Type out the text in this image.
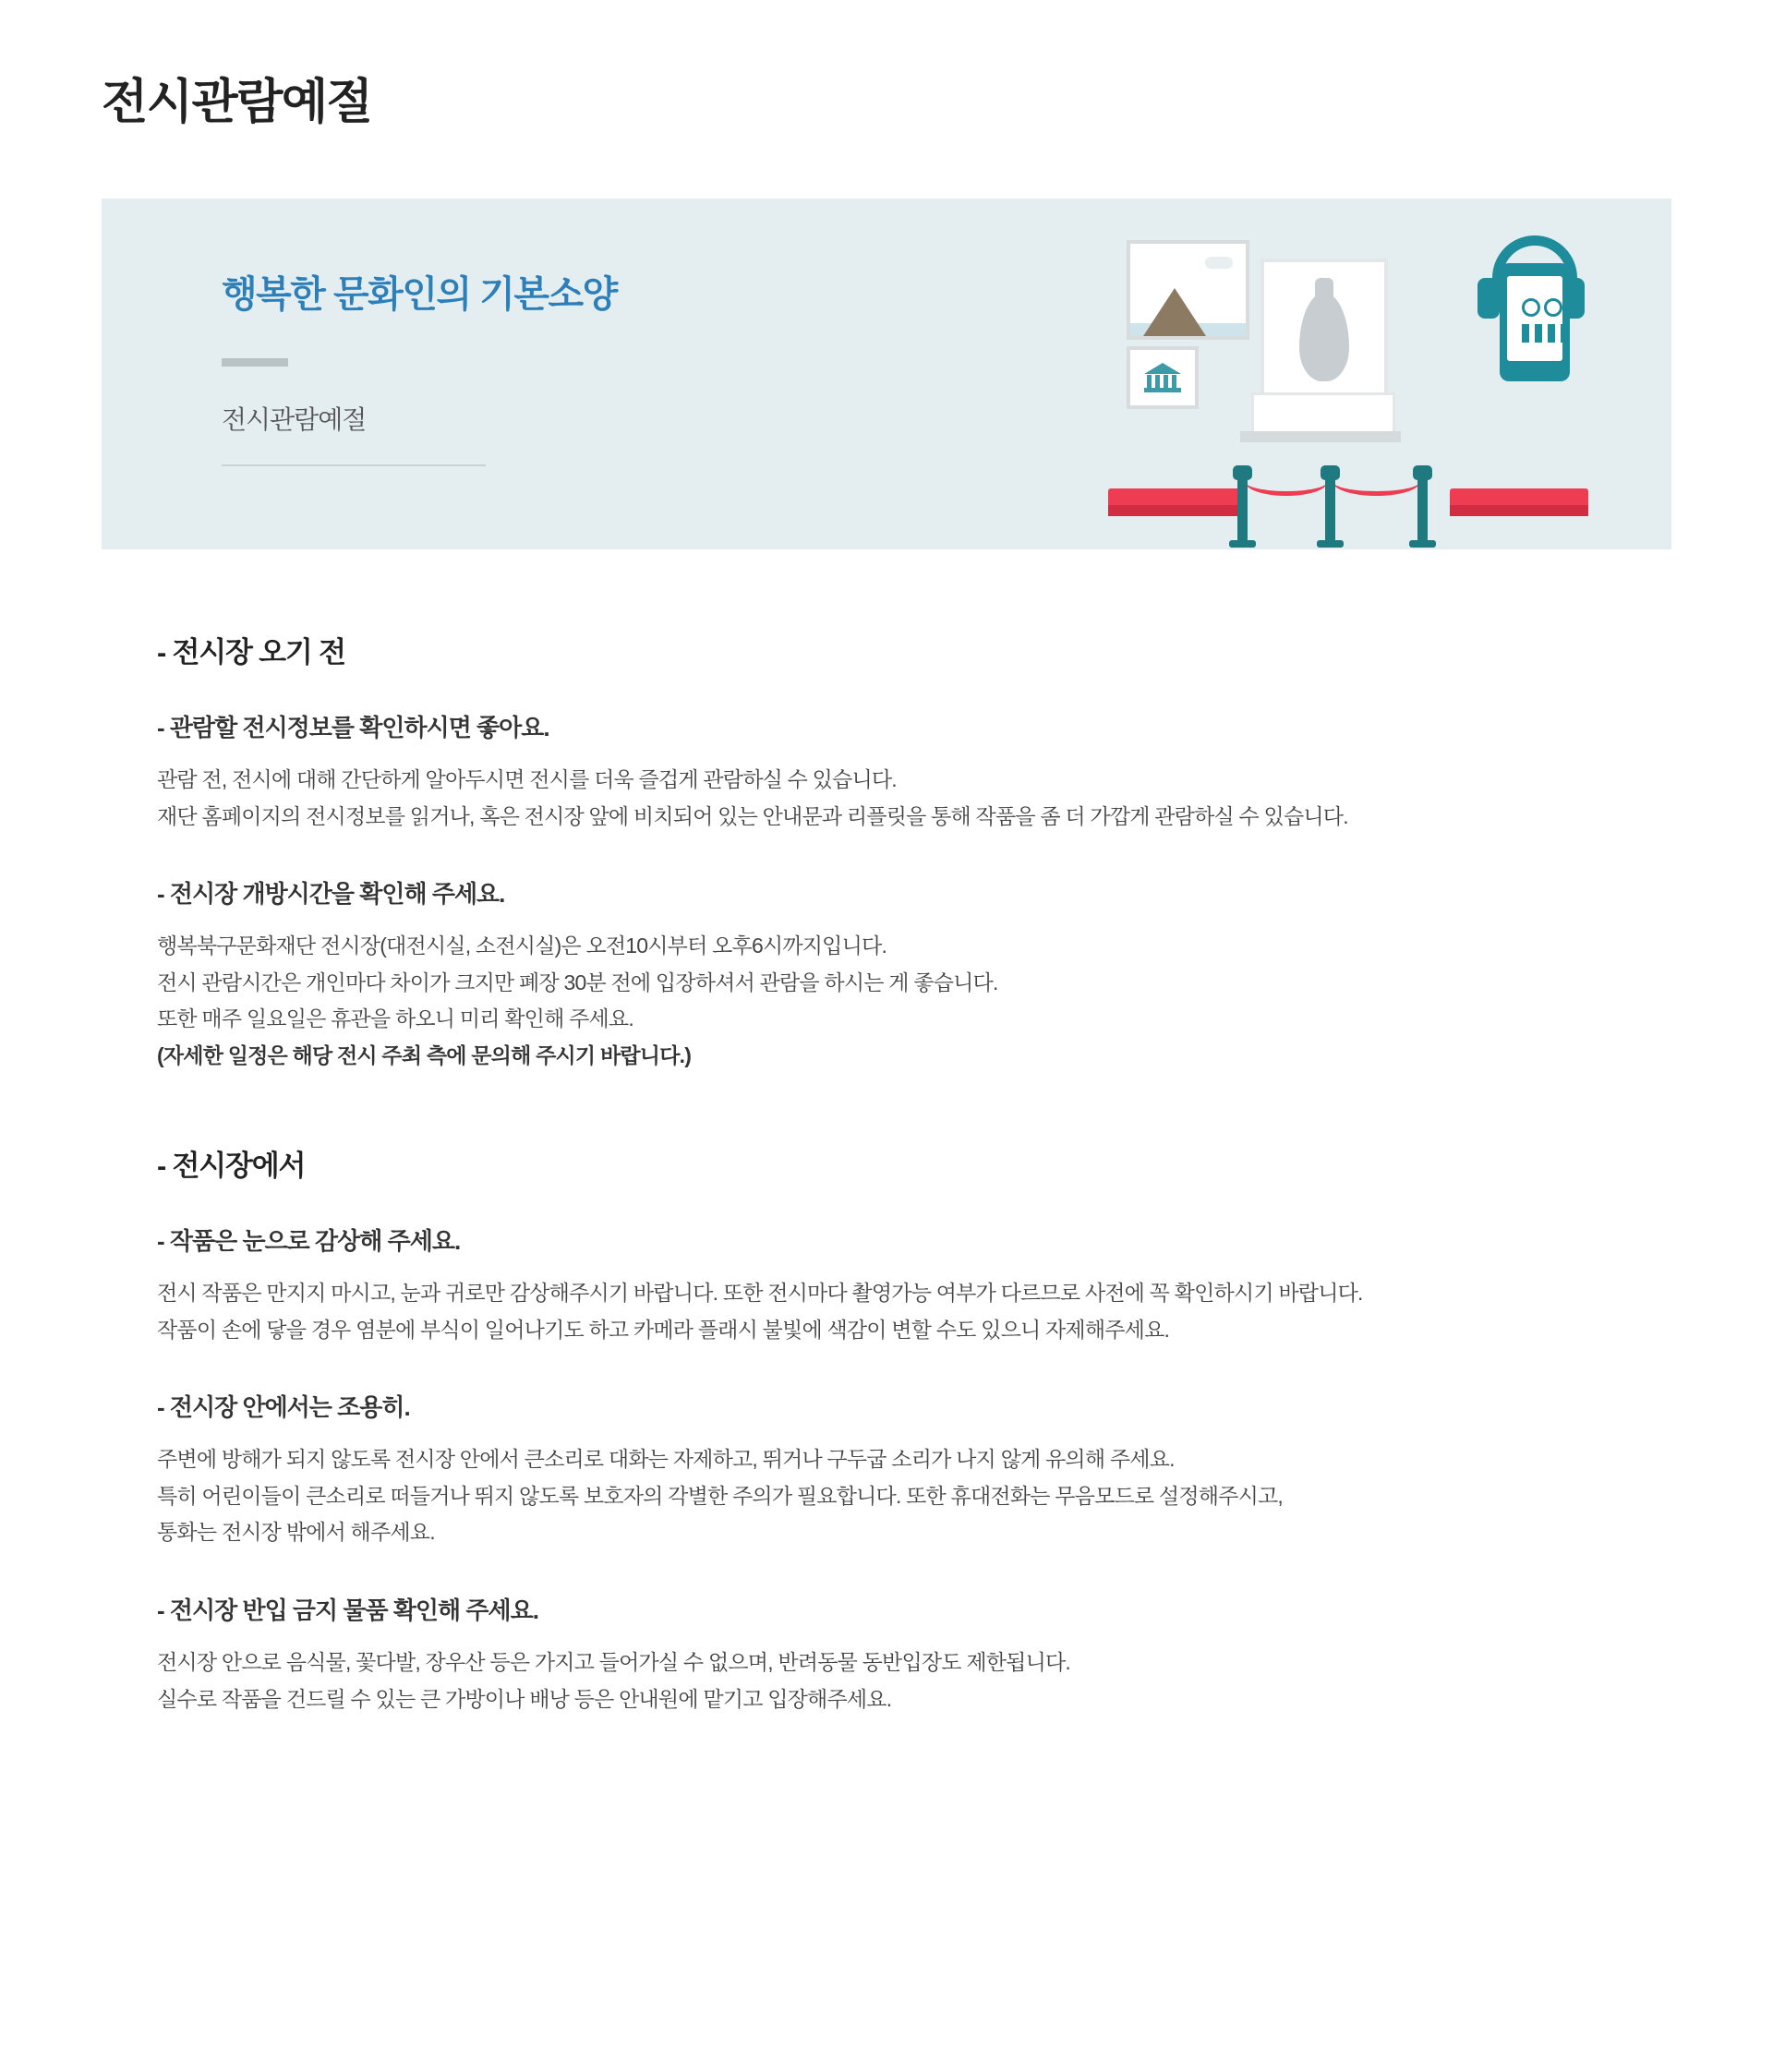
전시관람예절
행복한 문화인의 기본소양

전시관람예절

- 전시장 오기 전
- 관람할 전시정보를 확인하시면 좋아요.

관람 전, 전시에 대해 간단하게 알아두시면 전시를 더욱 즐겁게 관람하실 수 있습니다.

재단 홈페이지의 전시정보를 읽거나, 혹은 전시장 앞에 비치되어 있는 안내문과 리플릿을 통해 작품을 좀 더 가깝게 관람하실 수 있습니다.

- 전시장 개방시간을 확인해 주세요.

행복북구문화재단 전시장(대전시실, 소전시실)은 오전10시부터 오후6시까지입니다.

전시 관람시간은 개인마다 차이가 크지만 폐장 30분 전에 입장하셔서 관람을 하시는 게 좋습니다.

또한 매주 일요일은 휴관을 하오니 미리 확인해 주세요.

(자세한 일정은 해당 전시 주최 측에 문의해 주시기 바랍니다.)

- 전시장에서
- 작품은 눈으로 감상해 주세요.

전시 작품은 만지지 마시고, 눈과 귀로만 감상해주시기 바랍니다. 또한 전시마다 촬영가능 여부가 다르므로 사전에 꼭 확인하시기 바랍니다.

작품이 손에 닿을 경우 염분에 부식이 일어나기도 하고 카메라 플래시 불빛에 색감이 변할 수도 있으니 자제해주세요.

- 전시장 안에서는 조용히.

주변에 방해가 되지 않도록 전시장 안에서 큰소리로 대화는 자제하고, 뛰거나 구두굽 소리가 나지 않게 유의해 주세요.

특히 어린이들이 큰소리로 떠들거나 뛰지 않도록 보호자의 각별한 주의가 필요합니다. 또한 휴대전화는 무음모드로 설정해주시고,

통화는 전시장 밖에서 해주세요.

- 전시장 반입 금지 물품 확인해 주세요.

전시장 안으로 음식물, 꽃다발, 장우산 등은 가지고 들어가실 수 없으며, 반려동물 동반입장도 제한됩니다.

실수로 작품을 건드릴 수 있는 큰 가방이나 배낭 등은 안내원에 맡기고 입장해주세요.
